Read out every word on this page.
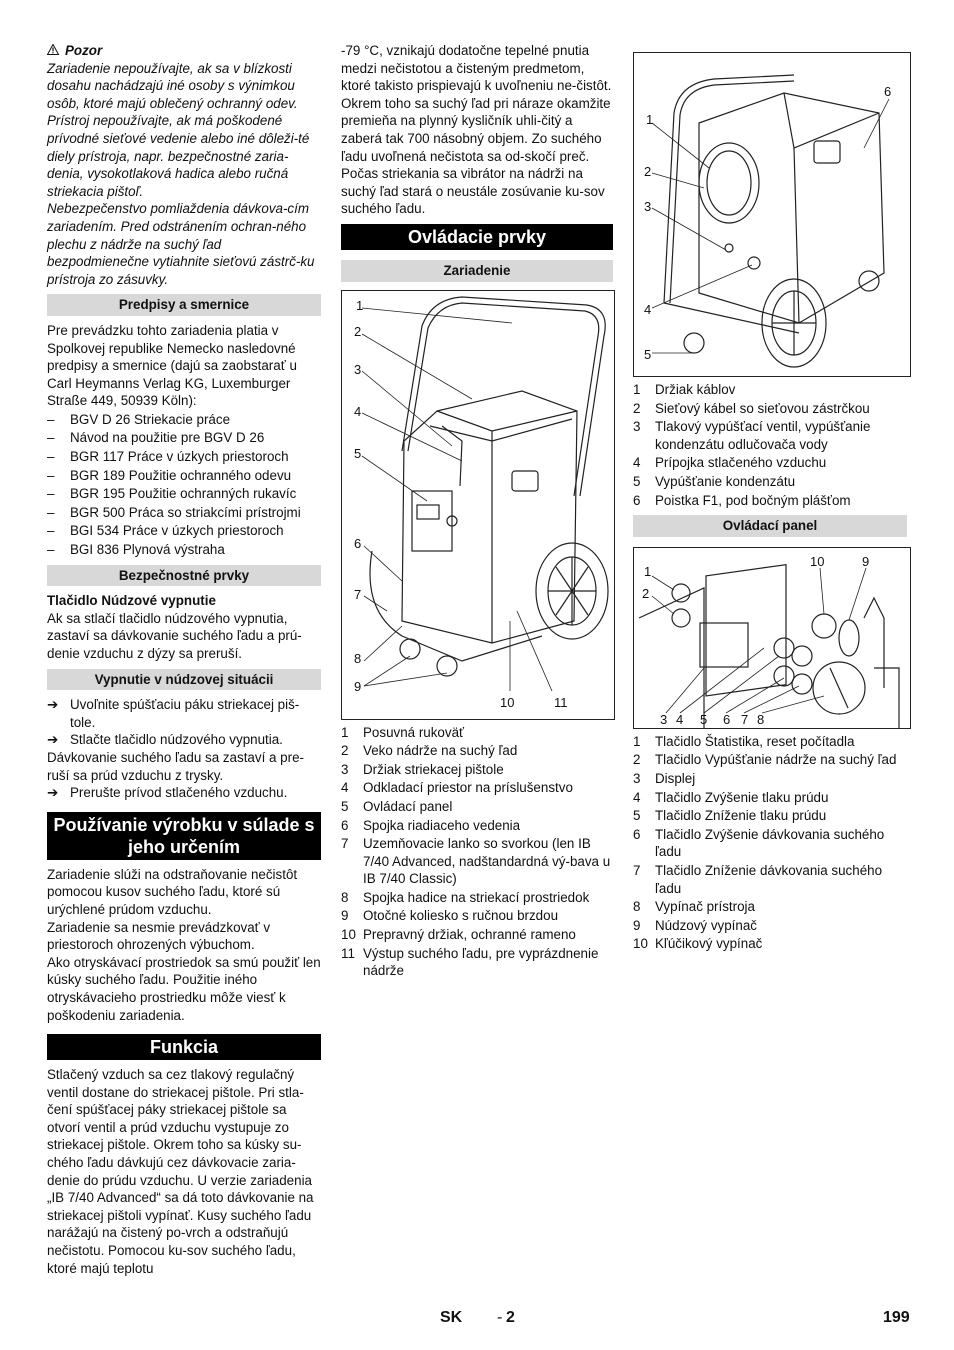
Pozor

Zariadenie nepoužívajte, ak sa v blízkosti dosahu nachádzajú iné osoby s výnimkou osôb, ktoré majú oblečený ochranný odev. Prístroj nepoužívajte, ak má poškodené prívodné sieťové vedenie alebo iné dôleži-té diely prístroja, napr. bezpečnostné zaria-denia, vysokotlaková hadica alebo ručná striekacia pištoľ.

Nebezpečenstvo pomliaždenia dávkova-cím zariadením. Pred odstránením ochran-ného plechu z nádrže na suchý ľad bezpodmienečne vytiahnite sieťovú zástrč-ku prístroja zo zásuvky.

Predpisy a smernice

Pre prevádzku tohto zariadenia platia v Spolkovej republike Nemecko nasledovné predpisy a smernice (dajú sa zaobstarať u Carl Heymanns Verlag KG, Luxemburger Straße 449, 50939 Köln):

– BGV D 26 Striekacie práce
– Návod na použitie pre BGV D 26
– BGR 117 Práce v úzkych priestoroch
– BGR 189 Použitie ochranného odevu
– BGR 195 Použitie ochranných rukavíc
– BGR 500 Práca so striakcími prístrojmi
– BGI 534 Práce v úzkych priestoroch
– BGI 836 Plynová výstraha
Bezpečnostné prvky

Tlačidlo Núdzové vypnutie

Ak sa stlačí tlačidlo núdzového vypnutia, zastaví sa dávkovanie suchého ľadu a prú-denie vzduchu z dýzy sa preruší.

Vypnutie v núdzovej situácii

➔ Uvoľnite spúšťaciu páku striekacej piš-tole.

➔ Stlačte tlačidlo núdzového vypnutia.

Dávkovanie suchého ľadu sa zastaví a pre-ruší sa prúd vzduchu z trysky.

➔ Prerušte prívod stlačeného vzduchu.

Používanie výrobku v súlade s jeho určením

Zariadenie slúži na odstraňovanie nečistôt pomocou kusov suchého ľadu, ktoré sú urýchlené prúdom vzduchu.

Zariadenie sa nesmie prevádzkovať v priestoroch ohrozených výbuchom.

Ako otryskávací prostriedok sa smú použiť len kúsky suchého ľadu. Použitie iného otryskávacieho prostriedku môže viesť k poškodeniu zariadenia.

Funkcia

Stlačený vzduch sa cez tlakový regulačný ventil dostane do striekacej pištole. Pri stla-čení spúšťacej páky striekacej pištole sa otvorí ventil a prúd vzduchu vystupuje zo striekacej pištole. Okrem toho sa kúsky su-chého ľadu dávkujú cez dávkovacie zaria-denie do prúdu vzduchu. U verzie zariadenia „IB 7/40 Advanced“ sa dá toto dávkovanie na striekacej pištoli vypínať. Kusy suchého ľadu narážajú na čistený po-vrch a odstraňujú nečistotu. Pomocou ku-sov suchého ľadu, ktoré majú teplotu

-79 °C, vznikajú dodatočne tepelné pnutia medzi nečistotou a čisteným predmetom, ktoré takisto prispievajú k uvoľneniu ne-čistôt. Okrem toho sa suchý ľad pri náraze okamžite premieňa na plynný kysličník uhli-čitý a zaberá tak 700 násobný objem. Zo suchého ľadu uvoľnená nečistota sa od-skočí preč.

Počas striekania sa vibrátor na nádrži na suchý ľad stará o neustále zosúvanie ku-sov suchého ľadu.

Ovládacie prvky
Zariadenie
1
2
3
4
5
6
7
8
9
10	11
1 Posuvná rukoväť
2 Veko nádrže na suchý ľad
3 Držiak striekacej pištole
4 Odkladací priestor na príslušenstvo
5 Ovládací panel
6 Spojka riadiaceho vedenia
7 Uzemňovacie lanko so svorkou (len IB 7/40 Advanced, nadštandardná vý-bava u IB 7/40 Classic)
8 Spojka hadice na striekací prostriedok
9 Otočné koliesko s ručnou brzdou
10 Prepravný držiak, ochranné rameno
11 Výstup suchého ľadu, pre vyprázdnenie nádrže
1
2
3
4
5
6
1 Držiak káblov
2 Sieťový kábel so sieťovou zástrčkou
3 Tlakový vypúšťací ventil, vypúšťanie kondenzátu odlučovača vody
4 Prípojka stlačeného vzduchu
5 Vypúšťanie kondenzátu
6 Poistka F1, pod bočným plášťom
Ovládací panel
1
2
3 4 5 6 7 8
9
10
1 Tlačidlo Štatistika, reset počítadla
2 Tlačidlo Vypúšťanie nádrže na suchý ľad
3 Displej
4 Tlačidlo Zvýšenie tlaku prúdu
5 Tlačidlo Zníženie tlaku prúdu
6 Tlačidlo Zvýšenie dávkovania suchého ľadu
7 Tlačidlo Zníženie dávkovania suchého ľadu
8 Vypínač prístroja
9 Núdzový vypínač
10 Kľúčikový vypínač
SK - 2	199
